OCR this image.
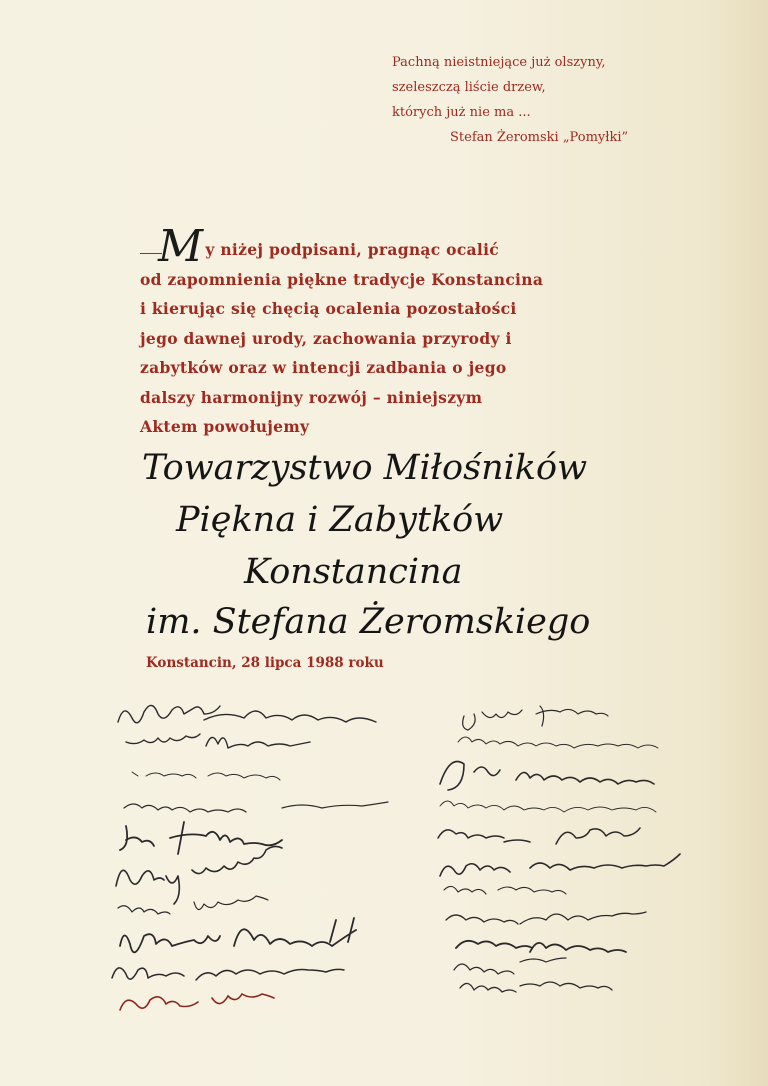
Pachną nieistniejące już olszyny,
szeleszczą liście drzew,
których już nie ma ...
Stefan Żeromski „Pomyłki”
My niżej podpisani, pragnąc ocalić
od zapomnienia piękne tradycje Konstancina
i kierując się chęcią ocalenia pozostałości
jego dawnej urody, zachowania przyrody i
zabytków oraz w intencji zadbania o jego
dalszy harmonijny rozwój – niniejszym
Aktem powołujemy
Towarzystwo Miłośników
Piękna i Zabytków
Konstancina
im. Stefana Żeromskiego
Konstancin, 28 lipca 1988 roku
